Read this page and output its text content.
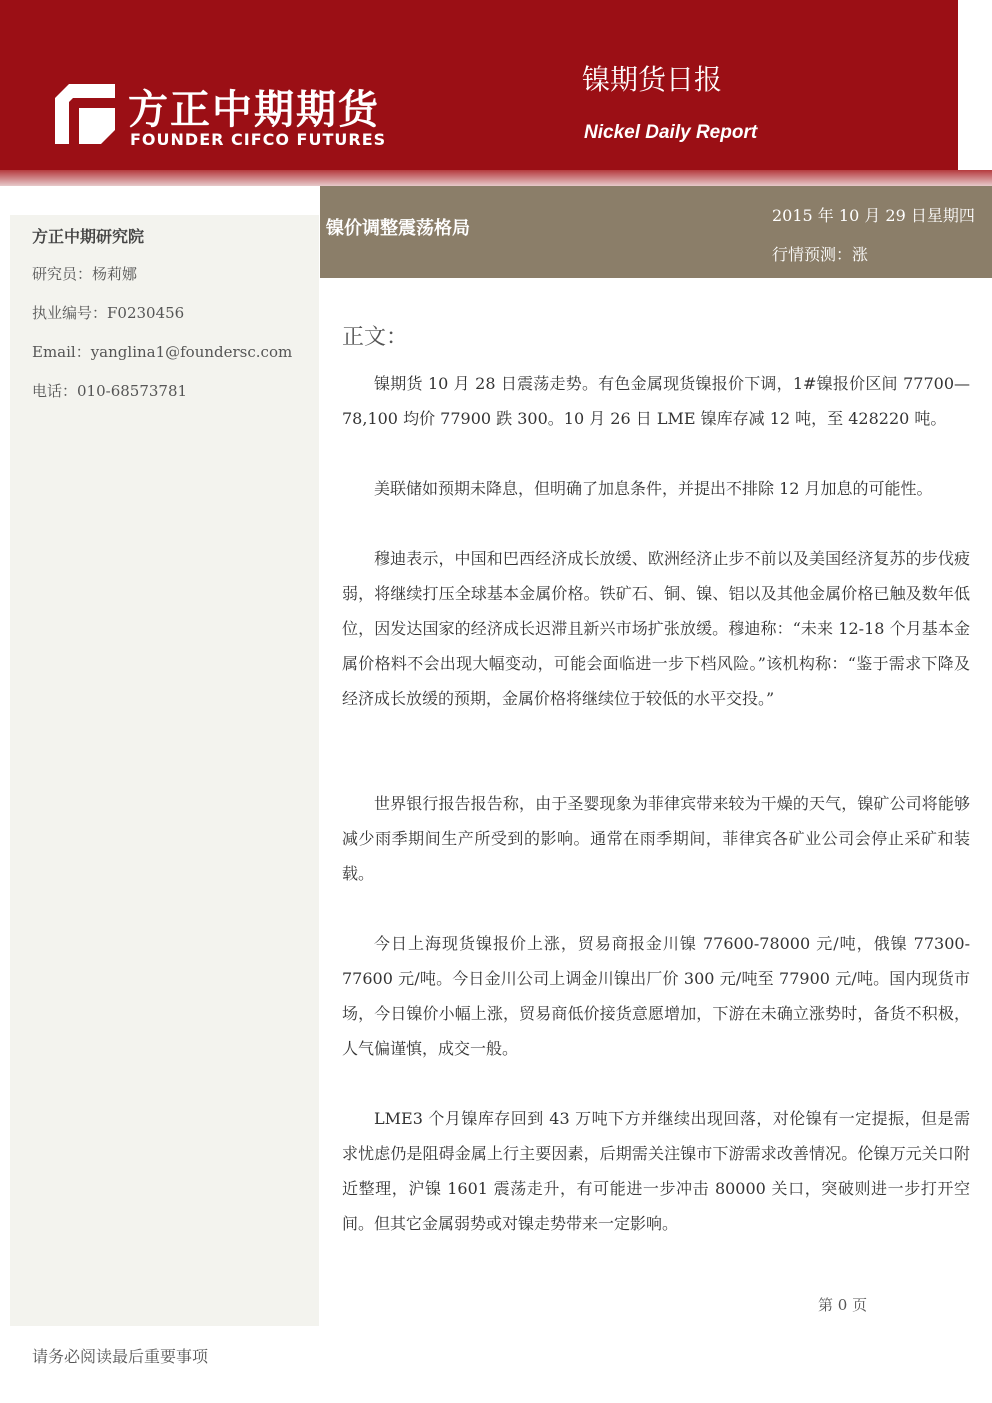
方正中期期货
FOUNDER CIFCO FUTURES
镍期货日报
Nickel Daily Report
方正中期研究院
研究员：杨莉娜
执业编号：F0230456
Email：yanglina1@foundersc.com
电话：010-68573781
镍价调整震荡格局
2015 年 10 月 29 日星期四
行情预测：涨
正文：

镍期货 10 月 28 日震荡走势。有色金属现货镍报价下调，1#镍报价区间 77700—78,100 均价 77900 跌 300。10 月 26 日 LME 镍库存减 12 吨，至 428220 吨。

美联储如预期未降息，但明确了加息条件，并提出不排除 12 月加息的可能性。

穆迪表示，中国和巴西经济成长放缓、欧洲经济止步不前以及美国经济复苏的步伐疲弱，将继续打压全球基本金属价格。铁矿石、铜、镍、铝以及其他金属价格已触及数年低位，因发达国家的经济成长迟滞且新兴市场扩张放缓。穆迪称：“未来 12-18 个月基本金属价格料不会出现大幅变动，可能会面临进一步下档风险。”该机构称：“鉴于需求下降及经济成长放缓的预期，金属价格将继续位于较低的水平交投。”

世界银行报告报告称，由于圣婴现象为菲律宾带来较为干燥的天气，镍矿公司将能够减少雨季期间生产所受到的影响。通常在雨季期间，菲律宾各矿业公司会停止采矿和装载。

今日上海现货镍报价上涨，贸易商报金川镍 77600-78000 元/吨，俄镍 77300-77600 元/吨。今日金川公司上调金川镍出厂价 300 元/吨至 77900 元/吨。国内现货市场，今日镍价小幅上涨，贸易商低价接货意愿增加，下游在未确立涨势时，备货不积极，人气偏谨慎，成交一般。

LME3 个月镍库存回到 43 万吨下方并继续出现回落，对伦镍有一定提振，但是需求忧虑仍是阻碍金属上行主要因素，后期需关注镍市下游需求改善情况。伦镍万元关口附近整理，沪镍 1601 震荡走升，有可能进一步冲击 80000 关口，突破则进一步打开空间。但其它金属弱势或对镍走势带来一定影响。

第 0 页
请务必阅读最后重要事项
